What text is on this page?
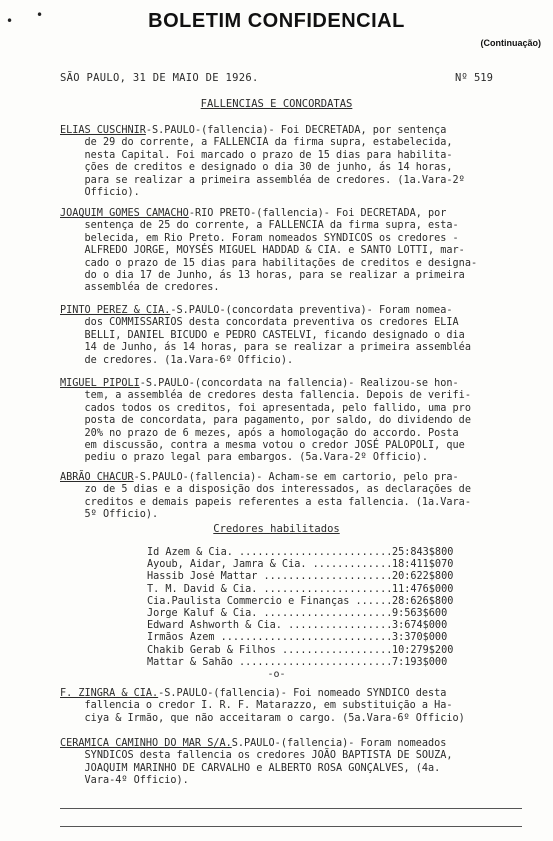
• •	BOLETIM CONFIDENCIAL
(Continuação)
SÃO PAULO, 31 DE MAIO DE 1926.	Nº 519
FALLENCIAS E CONCORDATAS
ELIAS CUSCHNIR-S.PAULO-(fallencia)- Foi DECRETADA, por sentença
de 29 do corrente, a FALLENCIA da firma supra, estabelecida,
nesta Capital. Foi marcado o prazo de 15 dias para habilita-
ções de creditos e designado o dia 30 de junho, ás 14 horas,
para se realizar a primeira assembléa de credores. (1a.Vara-2º
Officio).
JOAQUIM GOMES CAMACHO-RIO PRETO-(fallencia)- Foi DECRETADA, por
sentença de 25 do corrente, a FALLENCIA da firma supra, esta-
belecida, em Rio Preto. Foram nomeados SYNDICOS os credores -
ALFREDO JORGE, MOYSÉS MIGUEL HADDAD & CIA. e SANTO LOTTI, mar-
cado o prazo de 15 dias para habilitações de creditos e designa-
do o dia 17 de Junho, ás 13 horas, para se realizar a primeira
assembléa de credores.
PINTO PEREZ & CIA.-S.PAULO-(concordata preventiva)- Foram nomea-
dos COMMISSARIOS desta concordata preventiva os credores ELIA
BELLI, DANIEL BICUDO e PEDRO CASTELVI, ficando designado o dia
14 de Junho, ás 14 horas, para se realizar a primeira assembléa
de credores. (1a.Vara-6º Officio).
MIGUEL PIPOLI-S.PAULO-(concordata na fallencia)- Realizou-se hon-
tem, a assembléa de credores desta fallencia. Depois de verifi-
cados todos os creditos, foi apresentada, pelo fallido, uma pro
posta de concordata, para pagamento, por saldo, do dividendo de
20% no prazo de 6 mezes, após a homologação do accordo. Posta
em discussão, contra a mesma votou o credor JOSÉ PALOPOLI, que
pediu o prazo legal para embargos. (5a.Vara-2º Officio).
ABRÃO CHACUR-S.PAULO-(fallencia)- Acham-se em cartorio, pelo pra-
zo de 5 dias e a disposição dos interessados, as declarações de
creditos e demais papeis referentes a esta fallencia. (1a.Vara-
5º Officio).
Credores habilitados
Id Azem & Cia. .....	25:843$800
Ayoub, Aidar, Jamra & Cia. .....	18:411$070
Hassib José Mattar .....	20:622$800
T. M. David & Cia. .....	11:476$000
Cia.Paulista Commercio e Finanças .....	28:626$800
Jorge Kaluf & Cia. .....	9:563$600
Edward Ashworth & Cia. .....	3:674$000
Irmãos Azem .....	3:370$000
Chakib Gerab & Filhos .....	10:279$200
Mattar & Sahão .....	7:193$000
-o-
F. ZINGRA & CIA.-S.PAULO-(fallencia)- Foi nomeado SYNDICO desta
fallencia o credor I. R. F. Matarazzo, em substituição a Ha-
ciya & Irmão, que não acceitaram o cargo. (5a.Vara-6º Officio)
CERAMICA CAMINHO DO MAR S/A.S.PAULO-(fallencia)- Foram nomeados
SYNDICOS desta fallencia os credores JOÃO BAPTISTA DE SOUZA,
JOAQUIM MARINHO DE CARVALHO e ALBERTO ROSA GONÇALVES, (4a.
Vara-4º Officio).
